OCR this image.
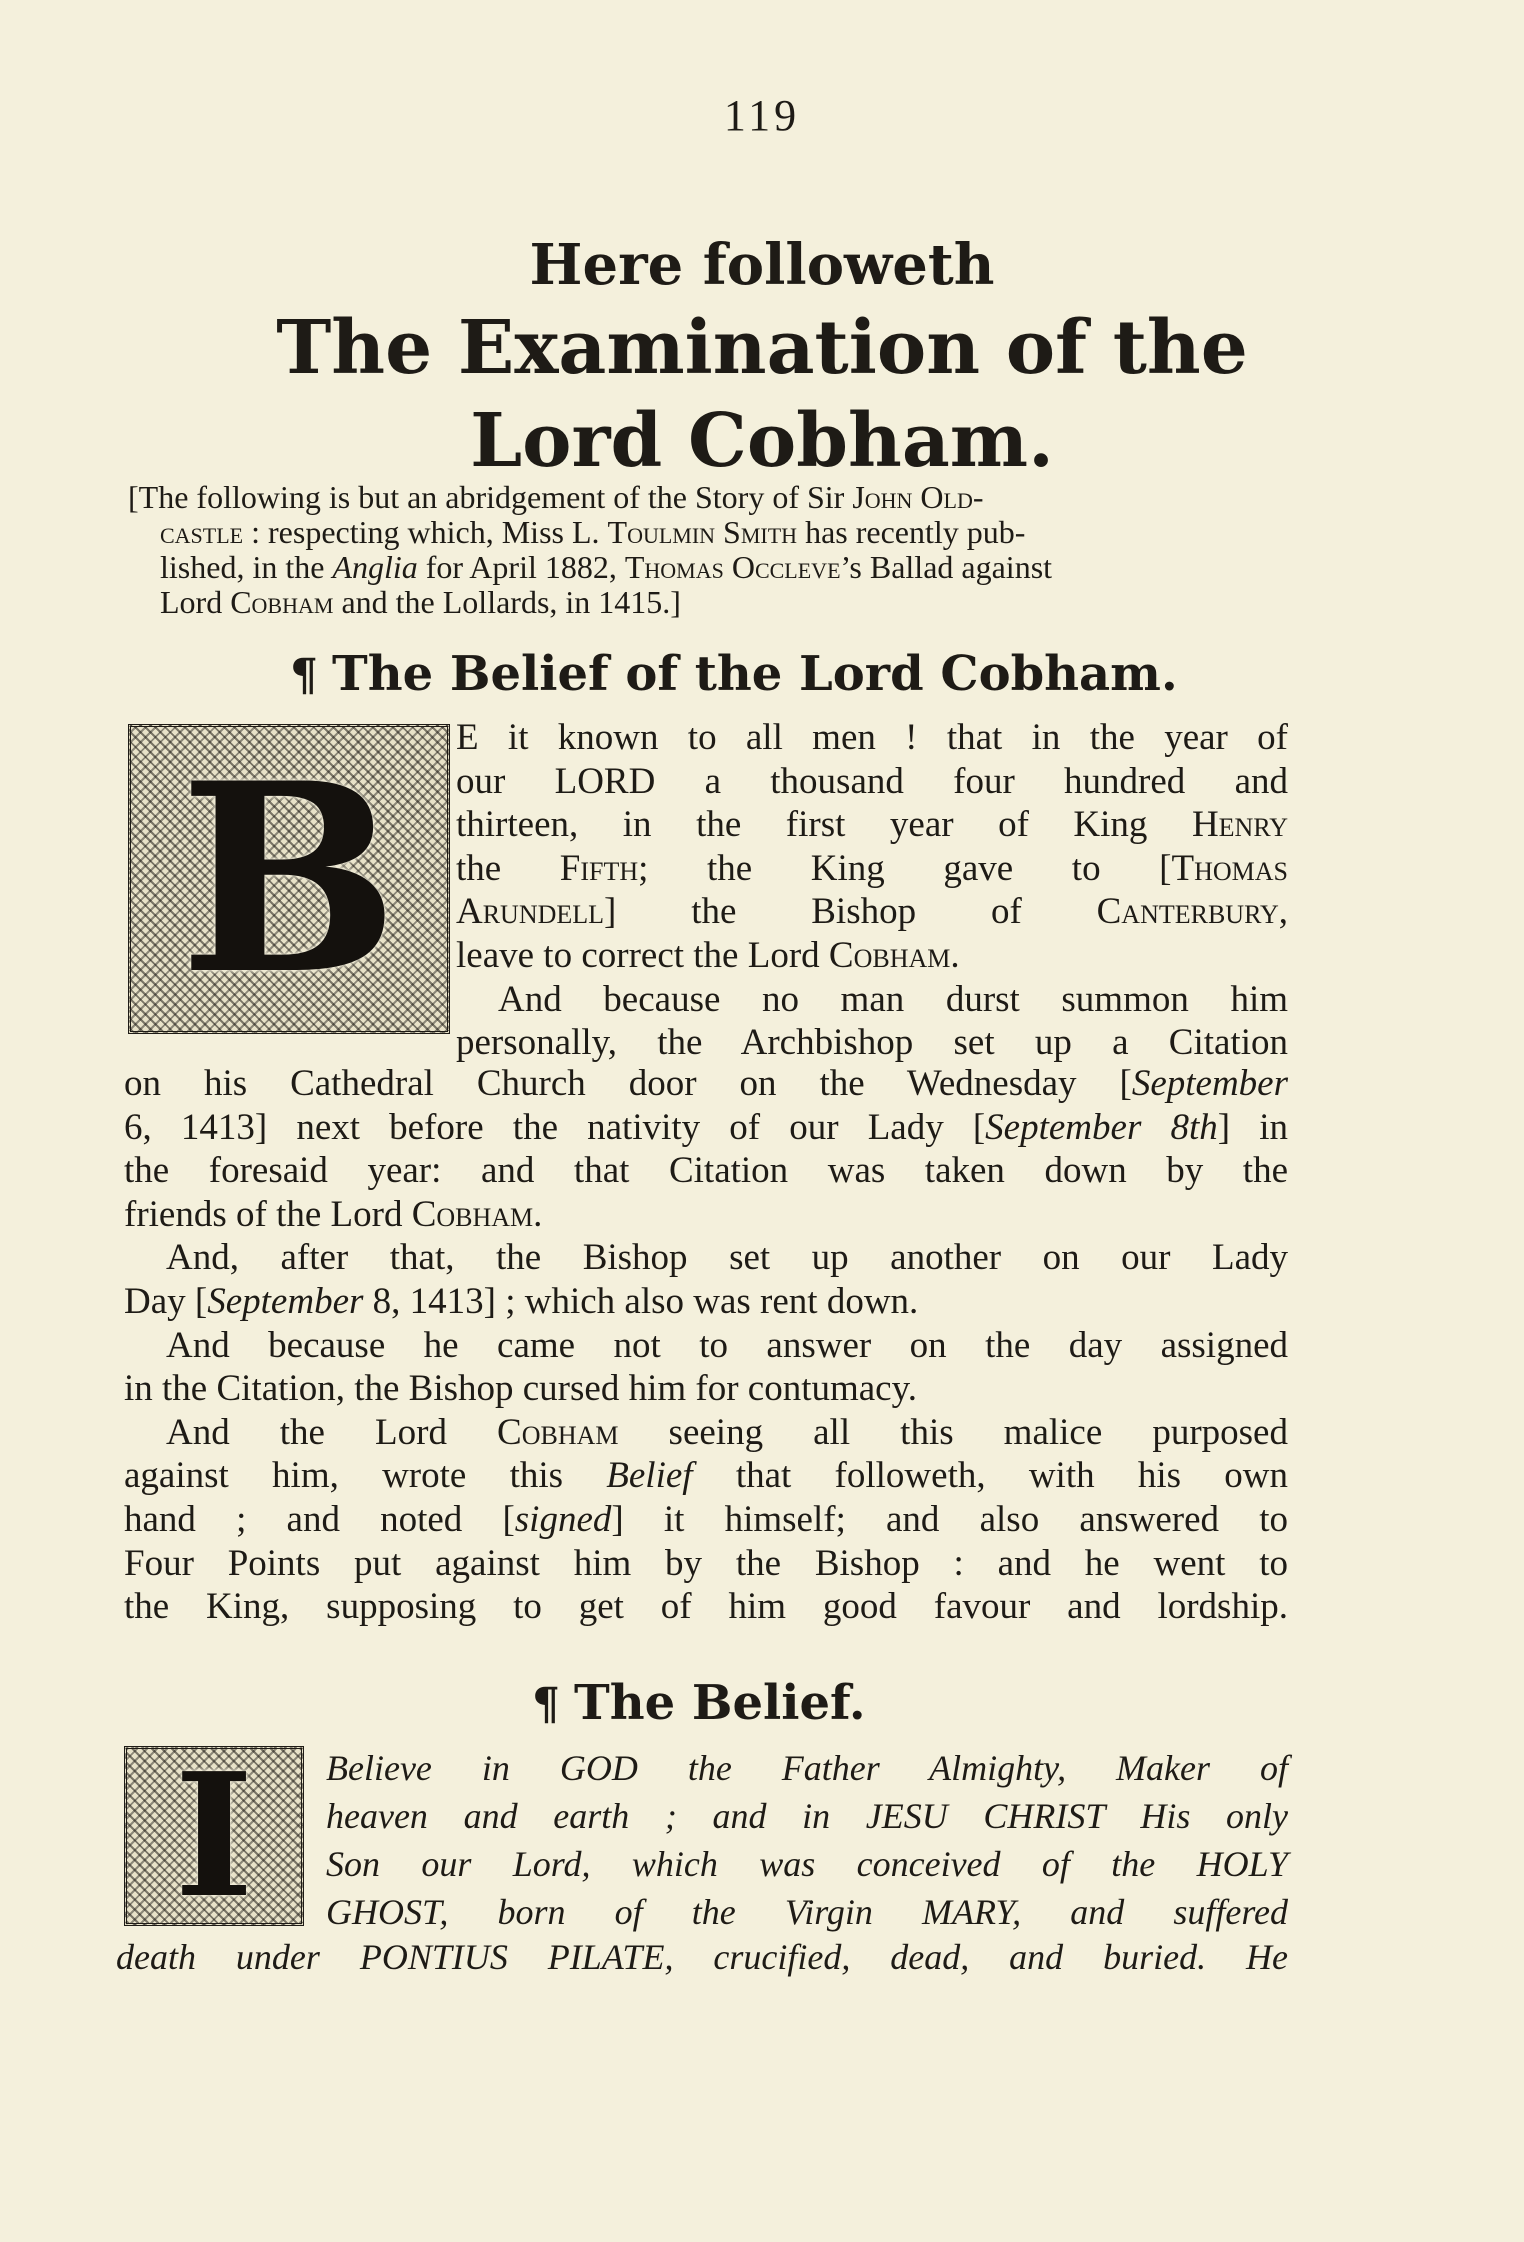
119
Here followeth
The Examination of the
Lord Cobham.
[The following is but an abridgement of the Story of Sir John Old-
castle : respecting which, Miss L. Toulmin Smith has recently pub-
lished, in the Anglia for April 1882, Thomas Occleve’s Ballad against
Lord Cobham and the Lollards, in 1415.]
¶ The Belief of the Lord Cobham.
B E it known to all men ! that in the year of
our LORD a thousand four hundred and
thirteen, in the first year of King Henry
the Fifth; the King gave to [Thomas
Arundell] the Bishop of Canterbury,
leave to correct the Lord Cobham.
And because no man durst summon him
personally, the Archbishop set up a Citation
on his Cathedral Church door on the Wednesday [September
6, 1413] next before the nativity of our Lady [September 8th] in
the foresaid year: and that Citation was taken down by the
friends of the Lord Cobham.
And, after that, the Bishop set up another on our Lady
Day [September 8, 1413] ; which also was rent down.
And because he came not to answer on the day assigned
in the Citation, the Bishop cursed him for contumacy.
And the Lord Cobham seeing all this malice purposed
against him, wrote this Belief that followeth, with his own
hand ; and noted [signed] it himself; and also answered to
Four Points put against him by the Bishop : and he went to
the King, supposing to get of him good favour and lordship.
¶ The Belief.
I Believe in GOD the Father Almighty, Maker of
heaven and earth ; and in JESU CHRIST His only
Son our Lord, which was conceived of the HOLY
GHOST, born of the Virgin MARY, and suffered
death under PONTIUS PILATE, crucified, dead, and buried. He
